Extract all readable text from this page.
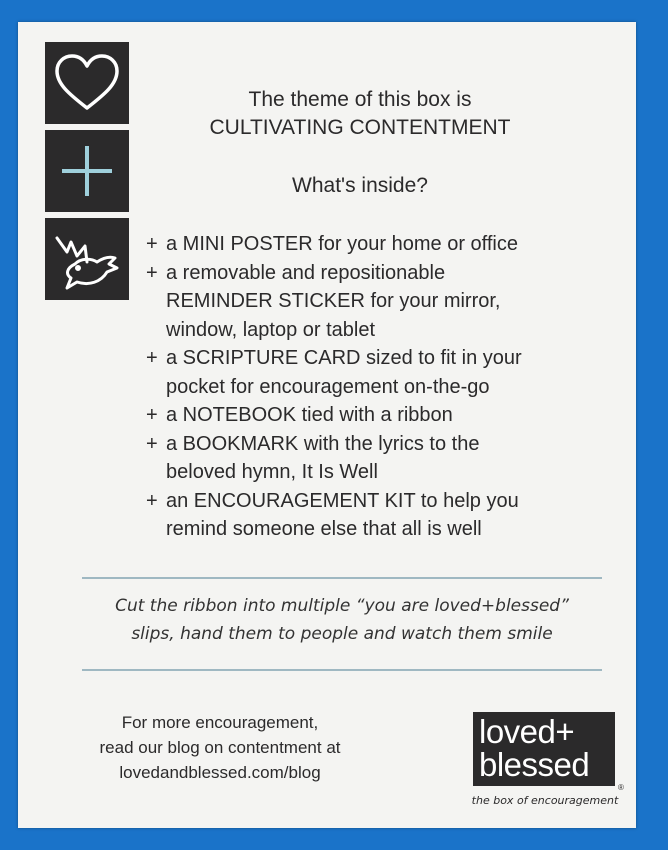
The theme of this box is
CULTIVATING CONTENTMENT
What's inside?
+ a MINI POSTER for your home or office
+ a removable and repositionable
REMINDER STICKER for your mirror,
window, laptop or tablet
+ a SCRIPTURE CARD sized to fit in your
pocket for encouragement on-the-go
+ a NOTEBOOK tied with a ribbon
+ a BOOKMARK with the lyrics to the
beloved hymn, It Is Well
+ an ENCOURAGEMENT KIT to help you
remind someone else that all is well
Cut the ribbon into multiple “you are loved+blessed”
slips, hand them to people and watch them smile
For more encouragement,
read our blog on contentment at
lovedandblessed.com/blog
loved+
blessed
®
the box of encouragement
